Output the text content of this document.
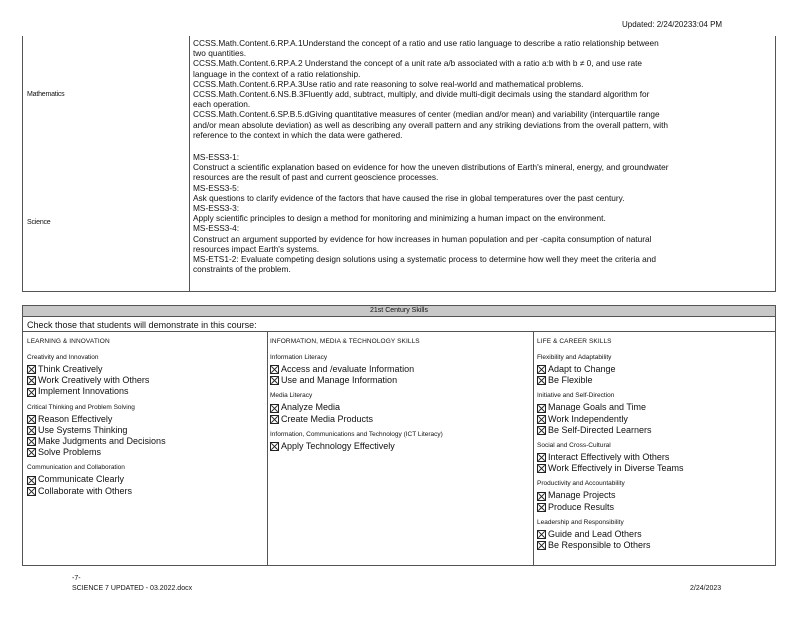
Updated: 2/24/20233:04 PM
Mathematics
CCSS.Math.Content.6.RP.A.1Understand the concept of a ratio and use ratio language to describe a ratio relationship between
two quantities.
CCSS.Math.Content.6.RP.A.2 Understand the concept of a unit rate a/b associated with a ratio a:b with b ≠ 0, and use rate
language in the context of a ratio relationship.
CCSS.Math.Content.6.RP.A.3Use ratio and rate reasoning to solve real-world and mathematical problems.
CCSS.Math.Content.6.NS.B.3Fluently add, subtract, multiply, and divide multi-digit decimals using the standard algorithm for
each operation.
CCSS.Math.Content.6.SP.B.5.dGiving quantitative measures of center (median and/or mean) and variability (interquartile range
and/or mean absolute deviation) as well as describing any overall pattern and any striking deviations from the overall pattern, with
reference to the context in which the data were gathered.
Science
MS-ESS3-1:
Construct a scientific explanation based on evidence for how the uneven distributions of Earth's mineral, energy, and groundwater
resources are the result of past and current geoscience processes.
MS-ESS3-5:
Ask questions to clarify evidence of the factors that have caused the rise in global temperatures over the past century.
MS-ESS3-3:
Apply scientific principles to design a method for monitoring and minimizing a human impact on the environment.
MS-ESS3-4:
Construct an argument supported by evidence for how increases in human population and per -capita consumption of natural
resources impact Earth's systems.
MS-ETS1-2: Evaluate competing design solutions using a systematic process to determine how well they meet the criteria and
constraints of the problem.
21st Century Skills
Check those that students will demonstrate in this course:
LEARNING & INNOVATION
Creativity and Innovation
Think Creatively
Work Creatively with Others
Implement Innovations
Critical Thinking and Problem Solving
Reason Effectively
Use Systems Thinking
Make Judgments and Decisions
Solve Problems
Communication and Collaboration
Communicate Clearly
Collaborate with Others
INFORMATION, MEDIA & TECHNOLOGY SKILLS
Information Literacy
Access and /evaluate Information
Use and Manage Information
Media Literacy
Analyze Media
Create Media Products
Information, Communications and Technology (ICT Literacy)
Apply Technology Effectively
LIFE & CAREER SKILLS
Flexibility and Adaptability
Adapt to Change
Be Flexible
Initiative and Self-Direction
Manage Goals and Time
Work Independently
Be Self-Directed Learners
Social and Cross-Cultural
Interact Effectively with Others
Work Effectively in Diverse Teams
Productivity and Accountability
Manage Projects
Produce Results
Leadership and Responsibility
Guide and Lead Others
Be Responsible to Others
-7-
SCIENCE 7 UPDATED - 03.2022.docx	2/24/2023
